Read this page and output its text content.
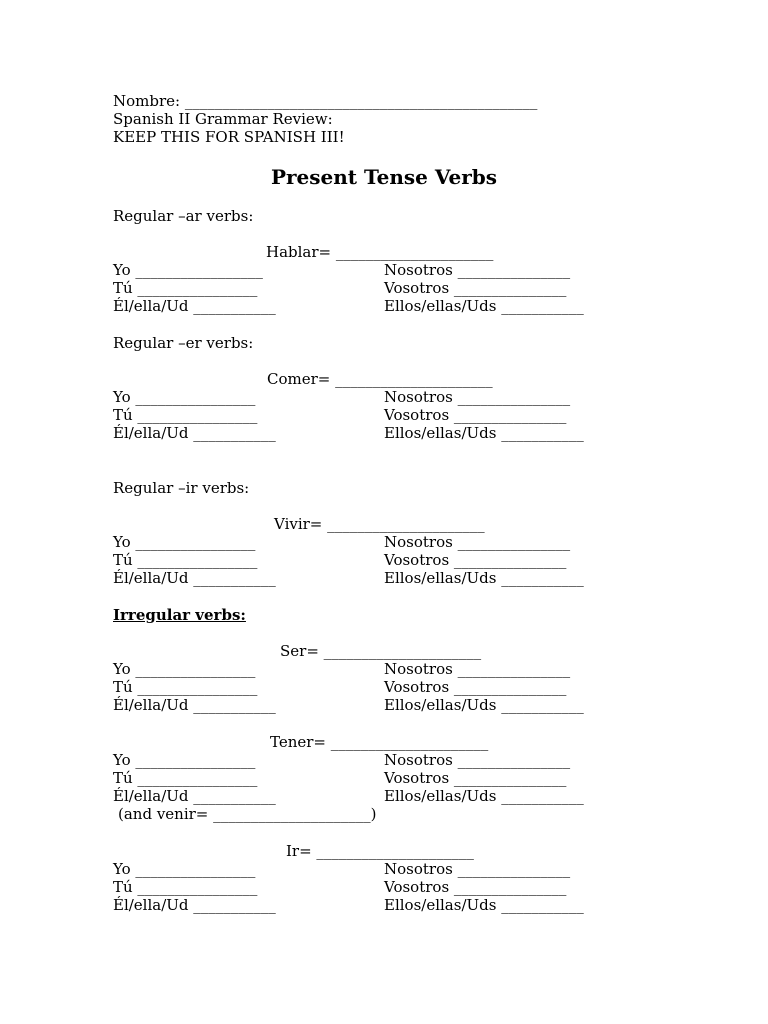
Nombre: _______________________________________________
Spanish II Grammar Review:
KEEP THIS FOR SPANISH III!
Present Tense Verbs
Regular –ar verbs:
Hablar= _____________________
Yo _________________	Nosotros _______________
Tú ________________	Vosotros _______________
Él/ella/Ud ___________	Ellos/ellas/Uds ___________
Regular –er verbs:
Comer= _____________________
Yo ________________	Nosotros _______________
Tú ________________	Vosotros _______________
Él/ella/Ud ___________	Ellos/ellas/Uds ___________
Regular –ir verbs:
Vivir= _____________________
Yo ________________	Nosotros _______________
Tú ________________	Vosotros _______________
Él/ella/Ud ___________	Ellos/ellas/Uds ___________
Irregular verbs:
Ser= _____________________
Yo ________________	Nosotros _______________
Tú ________________	Vosotros _______________
Él/ella/Ud ___________	Ellos/ellas/Uds ___________
Tener= _____________________
Yo ________________	Nosotros _______________
Tú ________________	Vosotros _______________
Él/ella/Ud ___________	Ellos/ellas/Uds ___________
(and venir= _____________________)
Ir= _____________________
Yo ________________	Nosotros _______________
Tú ________________	Vosotros _______________
Él/ella/Ud ___________	Ellos/ellas/Uds ___________
